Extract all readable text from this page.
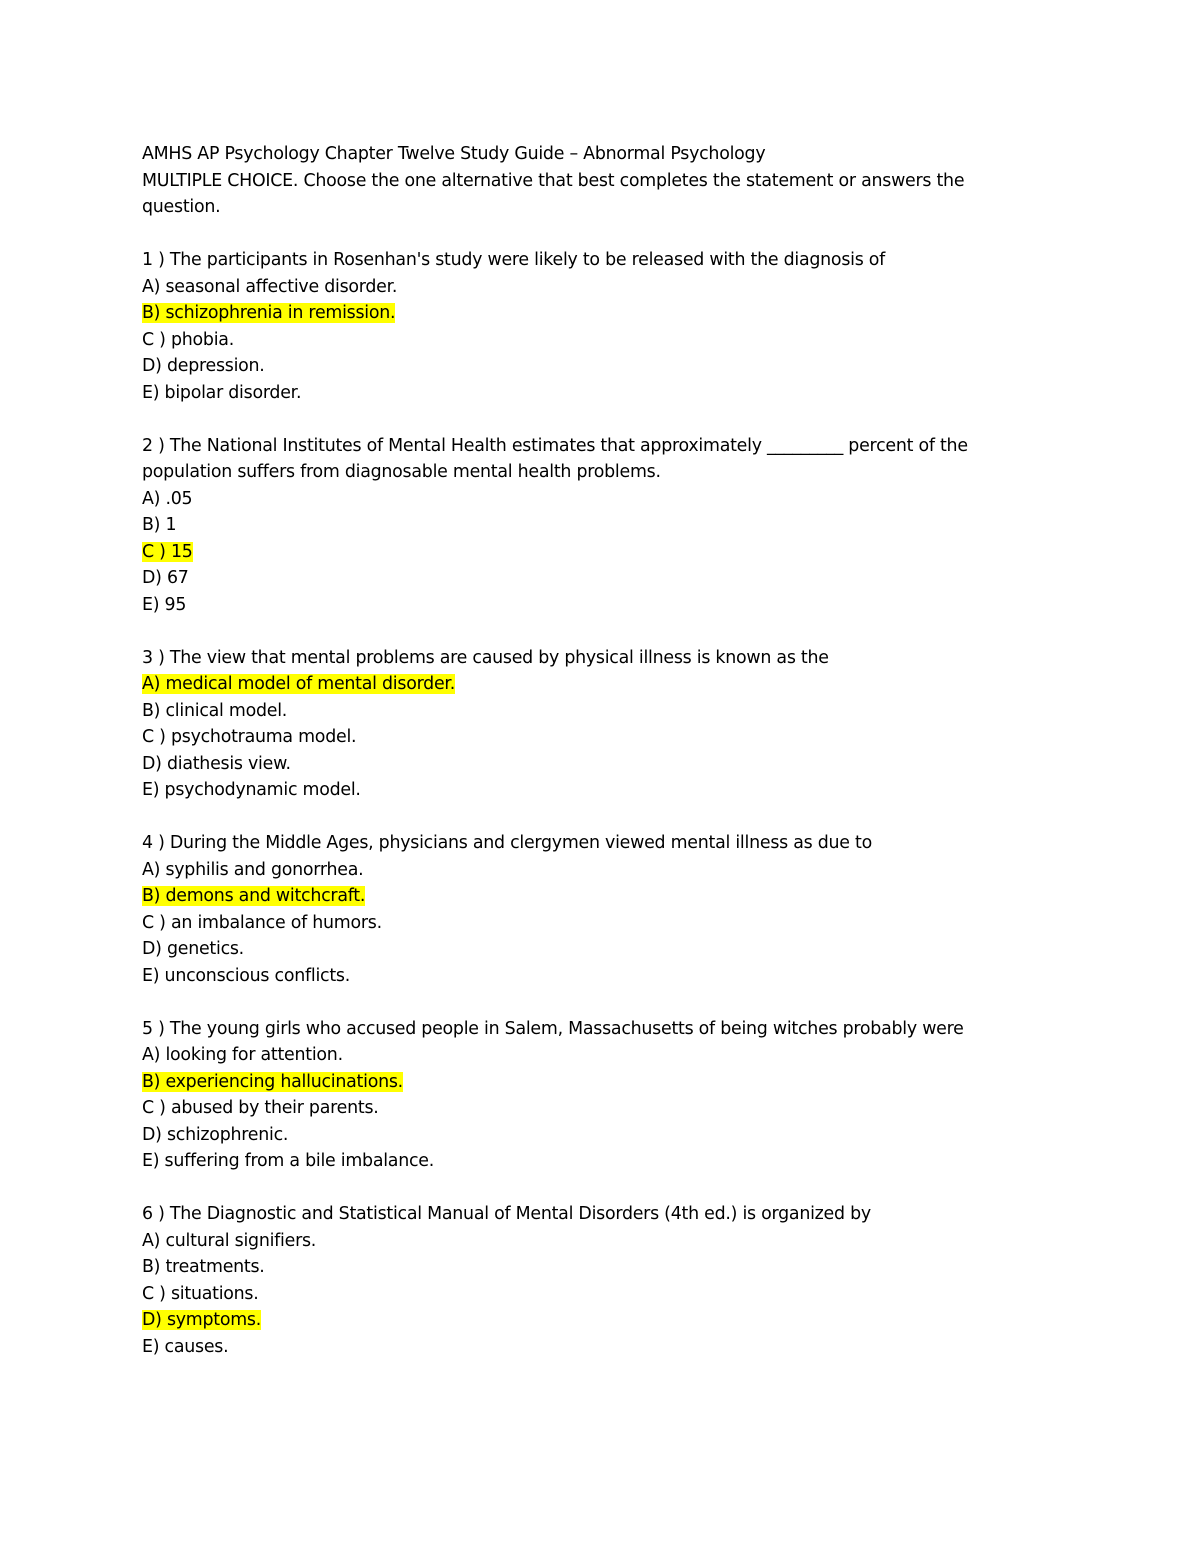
AMHS AP Psychology Chapter Twelve Study Guide – Abnormal Psychology
MULTIPLE CHOICE. Choose the one alternative that best completes the statement or answers the question.
1 ) The participants in Rosenhan's study were likely to be released with the diagnosis of
A) seasonal affective disorder.
B) schizophrenia in remission.
C ) phobia.
D) depression.
E) bipolar disorder.
2 ) The National Institutes of Mental Health estimates that approximately _________ percent of the population suffers from diagnosable mental health problems.
A) .05
B) 1
C ) 15
D) 67
E) 95
3 ) The view that mental problems are caused by physical illness is known as the
A) medical model of mental disorder.
B) clinical model.
C ) psychotrauma model.
D) diathesis view.
E) psychodynamic model.
4 ) During the Middle Ages, physicians and clergymen viewed mental illness as due to
A) syphilis and gonorrhea.
B) demons and witchcraft.
C ) an imbalance of humors.
D) genetics.
E) unconscious conflicts.
5 ) The young girls who accused people in Salem, Massachusetts of being witches probably were
A) looking for attention.
B) experiencing hallucinations.
C ) abused by their parents.
D) schizophrenic.
E) suffering from a bile imbalance.
6 ) The Diagnostic and Statistical Manual of Mental Disorders (4th ed.) is organized by
A) cultural signifiers.
B) treatments.
C ) situations.
D) symptoms.
E) causes.
